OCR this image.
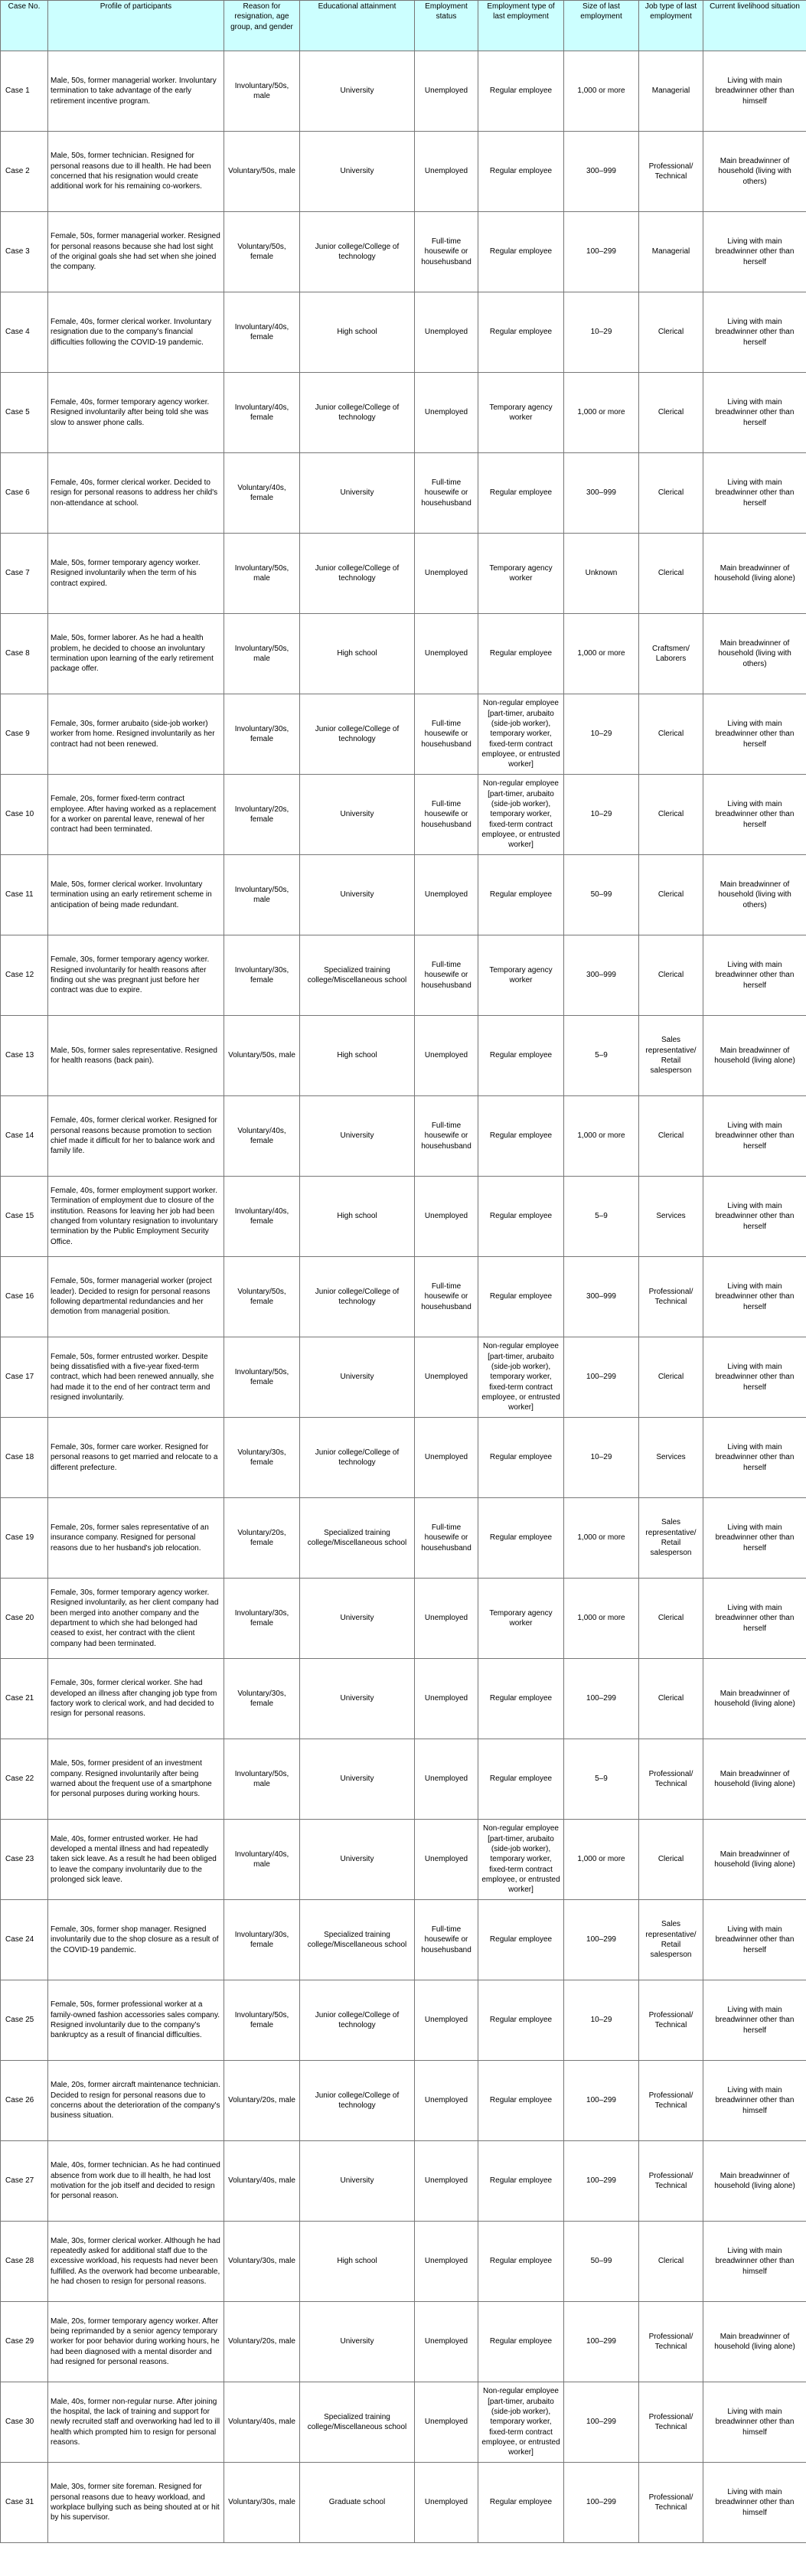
Case No.	Profile of participants	Reason for resignation, age group, and gender	Educational attainment	Employment status	Employment type of last employment	Size of last employment	Job type of last employment	Current livelihood situation
Case 1	Male, 50s, former managerial worker. Involuntary termination to take advantage of the early retirement incentive program.	Involuntary/50s, male	University	Unemployed	Regular employee	1,000 or more	Managerial	Living with main breadwinner other than himself
Case 2	Male, 50s, former technician. Resigned for personal reasons due to ill health. He had been concerned that his resignation would create additional work for his remaining co-workers.	Voluntary/50s, male	University	Unemployed	Regular employee	300–999	Professional/ Technical	Main breadwinner of household (living with others)
Case 3	Female, 50s, former managerial worker. Resigned for personal reasons because she had lost sight of the original goals she had set when she joined the company.	Voluntary/50s, female	Junior college/College of technology	Full-time housewife or househusband	Regular employee	100–299	Managerial	Living with main breadwinner other than herself
Case 4	Female, 40s, former clerical worker. Involuntary resignation due to the company's financial difficulties following the COVID-19 pandemic.	Involuntary/40s, female	High school	Unemployed	Regular employee	10–29	Clerical	Living with main breadwinner other than herself
Case 5	Female, 40s, former temporary agency worker. Resigned involuntarily after being told she was slow to answer phone calls.	Involuntary/40s, female	Junior college/College of technology	Unemployed	Temporary agency worker	1,000 or more	Clerical	Living with main breadwinner other than herself
Case 6	Female, 40s, former clerical worker. Decided to resign for personal reasons to address her child's non-attendance at school.	Voluntary/40s, female	University	Full-time housewife or househusband	Regular employee	300–999	Clerical	Living with main breadwinner other than herself
Case 7	Male, 50s, former temporary agency worker. Resigned involuntarily when the term of his contract expired.	Involuntary/50s, male	Junior college/College of technology	Unemployed	Temporary agency worker	Unknown	Clerical	Main breadwinner of household (living alone)
Case 8	Male, 50s, former laborer. As he had a health problem, he decided to choose an involuntary termination upon learning of the early retirement package offer.	Involuntary/50s, male	High school	Unemployed	Regular employee	1,000 or more	Craftsmen/ Laborers	Main breadwinner of household (living with others)
Case 9	Female, 30s, former arubaito (side-job worker) worker from home. Resigned involuntarily as her contract had not been renewed.	Involuntary/30s, female	Junior college/College of technology	Full-time housewife or househusband	Non-regular employee [part-timer, arubaito (side-job worker), temporary worker, fixed-term contract employee, or entrusted worker]	10–29	Clerical	Living with main breadwinner other than herself
Case 10	Female, 20s, former fixed-term contract employee. After having worked as a replacement for a worker on parental leave, renewal of her contract had been terminated.	Involuntary/20s, female	University	Full-time housewife or househusband	Non-regular employee [part-timer, arubaito (side-job worker), temporary worker, fixed-term contract employee, or entrusted worker]	10–29	Clerical	Living with main breadwinner other than herself
Case 11	Male, 50s, former clerical worker. Involuntary termination using an early retirement scheme in anticipation of being made redundant.	Involuntary/50s, male	University	Unemployed	Regular employee	50–99	Clerical	Main breadwinner of household (living with others)
Case 12	Female, 30s, former temporary agency worker. Resigned involuntarily for health reasons after finding out she was pregnant just before her contract was due to expire.	Involuntary/30s, female	Specialized training college/Miscellaneous school	Full-time housewife or househusband	Temporary agency worker	300–999	Clerical	Living with main breadwinner other than herself
Case 13	Male, 50s, former sales representative. Resigned for health reasons (back pain).	Voluntary/50s, male	High school	Unemployed	Regular employee	5–9	Sales representative/ Retail salesperson	Main breadwinner of household (living alone)
Case 14	Female, 40s, former clerical worker. Resigned for personal reasons because promotion to section chief made it difficult for her to balance work and family life.	Voluntary/40s, female	University	Full-time housewife or househusband	Regular employee	1,000 or more	Clerical	Living with main breadwinner other than herself
Case 15	Female, 40s, former employment support worker. Termination of employment due to closure of the institution. Reasons for leaving her job had been changed from voluntary resignation to involuntary termination by the Public Employment Security Office.	Involuntary/40s, female	High school	Unemployed	Regular employee	5–9	Services	Living with main breadwinner other than herself
Case 16	Female, 50s, former managerial worker (project leader). Decided to resign for personal reasons following departmental redundancies and her demotion from managerial position.	Voluntary/50s, female	Junior college/College of technology	Full-time housewife or househusband	Regular employee	300–999	Professional/ Technical	Living with main breadwinner other than herself
Case 17	Female, 50s, former entrusted worker. Despite being dissatisfied with a five-year fixed-term contract, which had been renewed annually, she had made it to the end of her contract term and resigned involuntarily.	Involuntary/50s, female	University	Unemployed	Non-regular employee [part-timer, arubaito (side-job worker), temporary worker, fixed-term contract employee, or entrusted worker]	100–299	Clerical	Living with main breadwinner other than herself
Case 18	Female, 30s, former care worker. Resigned for personal reasons to get married and relocate to a different prefecture.	Voluntary/30s, female	Junior college/College of technology	Unemployed	Regular employee	10–29	Services	Living with main breadwinner other than herself
Case 19	Female, 20s, former sales representative of an insurance company. Resigned for personal reasons due to her husband's job relocation.	Voluntary/20s, female	Specialized training college/Miscellaneous school	Full-time housewife or househusband	Regular employee	1,000 or more	Sales representative/ Retail salesperson	Living with main breadwinner other than herself
Case 20	Female, 30s, former temporary agency worker. Resigned involuntarily, as her client company had been merged into another company and the department to which she had belonged had ceased to exist, her contract with the client company had been terminated.	Involuntary/30s, female	University	Unemployed	Temporary agency worker	1,000 or more	Clerical	Living with main breadwinner other than herself
Case 21	Female, 30s, former clerical worker. She had developed an illness after changing job type from factory work to clerical work, and had decided to resign for personal reasons.	Voluntary/30s, female	University	Unemployed	Regular employee	100–299	Clerical	Main breadwinner of household (living alone)
Case 22	Male, 50s, former president of an investment company. Resigned involuntarily after being warned about the frequent use of a smartphone for personal purposes during working hours.	Involuntary/50s, male	University	Unemployed	Regular employee	5–9	Professional/ Technical	Main breadwinner of household (living alone)
Case 23	Male, 40s, former entrusted worker. He had developed a mental illness and had repeatedly taken sick leave. As a result he had been obliged to leave the company involuntarily due to the prolonged sick leave.	Involuntary/40s, male	University	Unemployed	Non-regular employee [part-timer, arubaito (side-job worker), temporary worker, fixed-term contract employee, or entrusted worker]	1,000 or more	Clerical	Main breadwinner of household (living alone)
Case 24	Female, 30s, former shop manager. Resigned involuntarily due to the shop closure as a result of the COVID-19 pandemic.	Involuntary/30s, female	Specialized training college/Miscellaneous school	Full-time housewife or househusband	Regular employee	100–299	Sales representative/ Retail salesperson	Living with main breadwinner other than herself
Case 25	Female, 50s, former professional worker at a family-owned fashion accessories sales company. Resigned involuntarily due to the company's bankruptcy as a result of financial difficulties.	Involuntary/50s, female	Junior college/College of technology	Unemployed	Regular employee	10–29	Professional/ Technical	Living with main breadwinner other than herself
Case 26	Male, 20s, former aircraft maintenance technician. Decided to resign for personal reasons due to concerns about the deterioration of the company's business situation.	Voluntary/20s, male	Junior college/College of technology	Unemployed	Regular employee	100–299	Professional/ Technical	Living with main breadwinner other than himself
Case 27	Male, 40s, former technician. As he had continued absence from work due to ill health, he had lost motivation for the job itself and decided to resign for personal reason.	Voluntary/40s, male	University	Unemployed	Regular employee	100–299	Professional/ Technical	Main breadwinner of household (living alone)
Case 28	Male, 30s, former clerical worker. Although he had repeatedly asked for additional staff due to the excessive workload, his requests had never been fulfilled. As the overwork had become unbearable, he had chosen to resign for personal reasons.	Voluntary/30s, male	High school	Unemployed	Regular employee	50–99	Clerical	Living with main breadwinner other than himself
Case 29	Male, 20s, former temporary agency worker. After being reprimanded by a senior agency temporary worker for poor behavior during working hours, he had been diagnosed with a mental disorder and had resigned for personal reasons.	Voluntary/20s, male	University	Unemployed	Regular employee	100–299	Professional/ Technical	Main breadwinner of household (living alone)
Case 30	Male, 40s, former non-regular nurse. After joining the hospital, the lack of training and support for newly recruited staff and overworking had led to ill health which prompted him to resign for personal reasons.	Voluntary/40s, male	Specialized training college/Miscellaneous school	Unemployed	Non-regular employee [part-timer, arubaito (side-job worker), temporary worker, fixed-term contract employee, or entrusted worker]	100–299	Professional/ Technical	Living with main breadwinner other than himself
Case 31	Male, 30s, former site foreman. Resigned for personal reasons due to heavy workload, and workplace bullying such as being shouted at or hit by his supervisor.	Voluntary/30s, male	Graduate school	Unemployed	Regular employee	100–299	Professional/ Technical	Living with main breadwinner other than himself
